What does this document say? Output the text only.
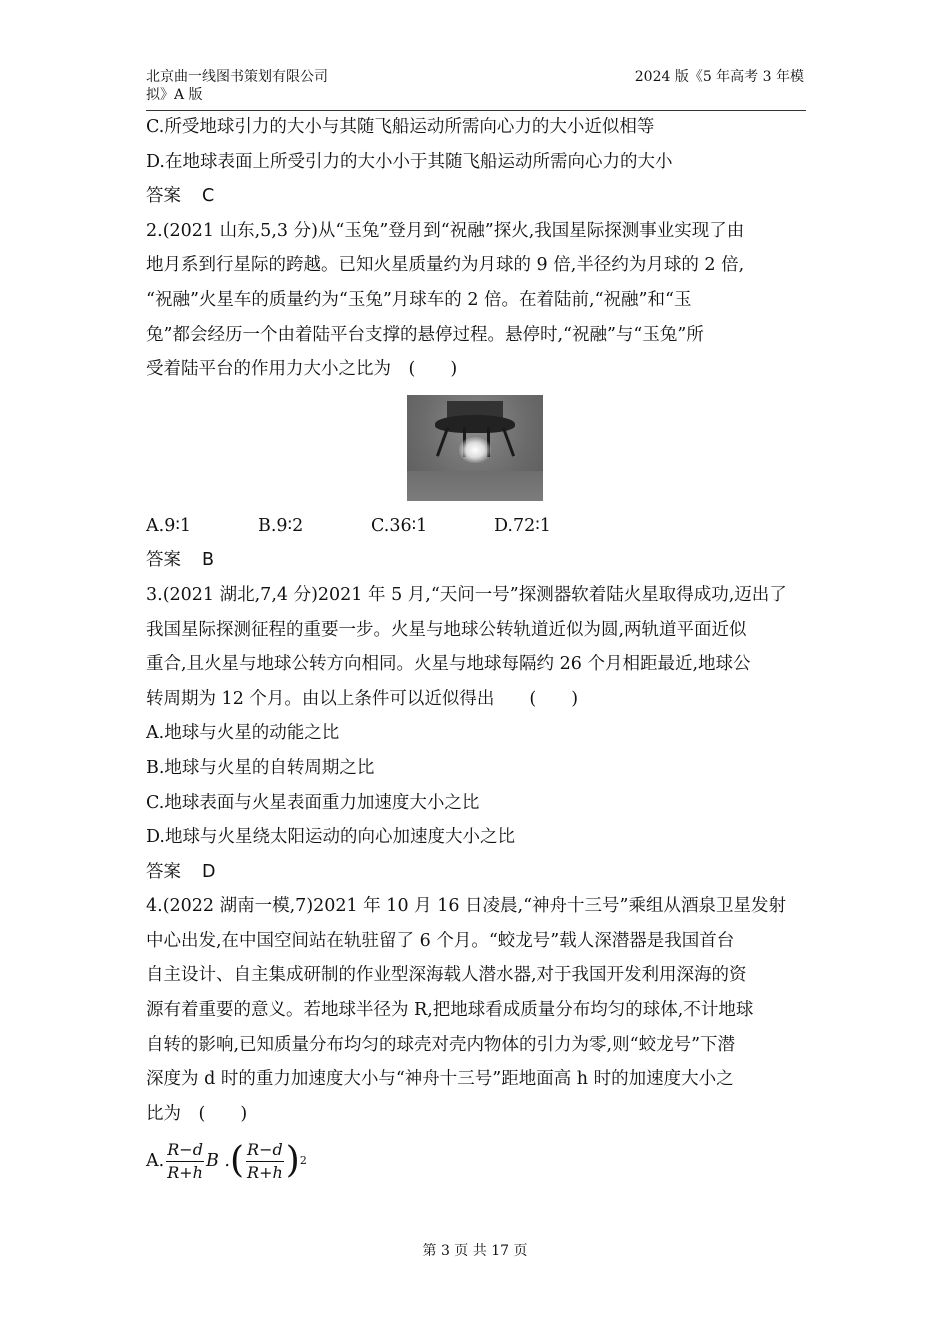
北京曲一线图书策划有限公司
拟》A 版
2024 版《5 年高考 3 年模
C.所受地球引力的大小与其随飞船运动所需向心力的大小近似相等
D.在地球表面上所受引力的大小小于其随飞船运动所需向心力的大小
答案 C
2.(2021 山东,5,3 分)从“玉兔”登月到“祝融”探火,我国星际探测事业实现了由
地月系到行星际的跨越。已知火星质量约为月球的 9 倍,半径约为月球的 2 倍,
“祝融”火星车的质量约为“玉兔”月球车的 2 倍。在着陆前,“祝融”和“玉
兔”都会经历一个由着陆平台支撑的悬停过程。悬停时,“祝融”与“玉兔”所
受着陆平台的作用力大小之比为　(　　)
A.9∶1	B.9∶2	C.36∶1	D.72∶1
答案 B
3.(2021 湖北,7,4 分)2021 年 5 月,“天问一号”探测器软着陆火星取得成功,迈出了
我国星际探测征程的重要一步。火星与地球公转轨道近似为圆,两轨道平面近似
重合,且火星与地球公转方向相同。火星与地球每隔约 26 个月相距最近,地球公
转周期为 12 个月。由以上条件可以近似得出　　(　　)
A.地球与火星的动能之比
B.地球与火星的自转周期之比
C.地球表面与火星表面重力加速度大小之比
D.地球与火星绕太阳运动的向心加速度大小之比
答案 D
4.(2022 湖南一模,7)2021 年 10 月 16 日凌晨,“神舟十三号”乘组从酒泉卫星发射
中心出发,在中国空间站在轨驻留了 6 个月。“蛟龙号”载人深潜器是我国首台
自主设计、自主集成研制的作业型深海载人潜水器,对于我国开发利用深海的资
源有着重要的意义。若地球半径为 R,把地球看成质量分布均匀的球体,不计地球
自转的影响,已知质量分布均匀的球壳对壳内物体的引力为零,则“蛟龙号”下潜
深度为 d 时的重力加速度大小与“神舟十三号”距地面高 h 时的加速度大小之
比为　(　　)
A. $\frac{R-d}{R+h}$ B . ( $\frac{R-d}{R+h}$ ) 2
第 3 页 共 17 页
